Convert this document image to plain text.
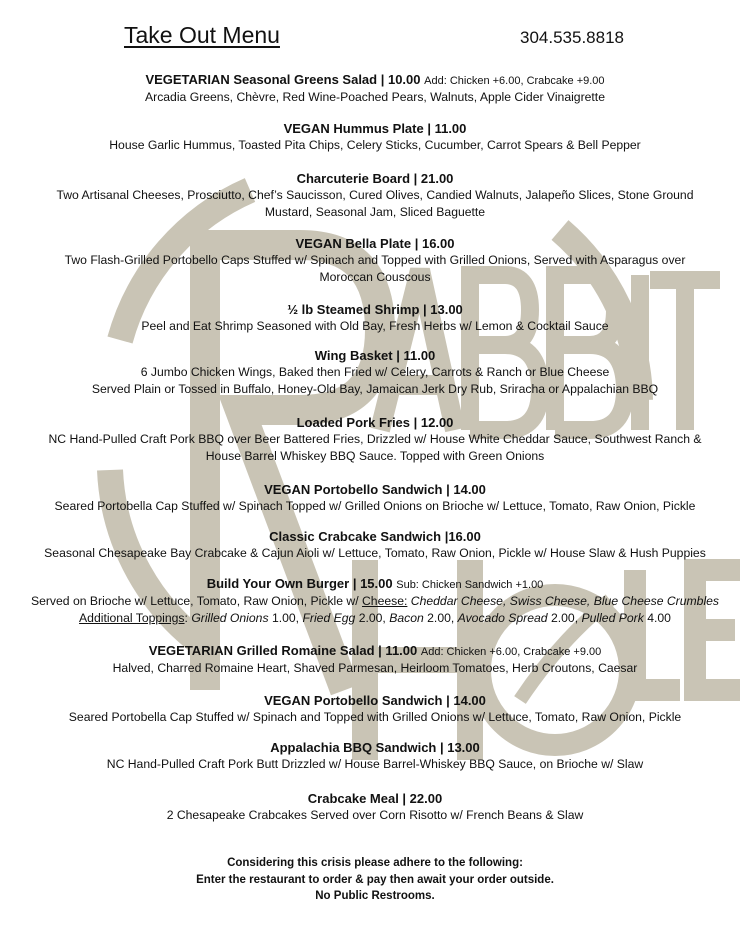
Take Out Menu	304.535.8818
VEGETARIAN Seasonal Greens Salad | 10.00 Add: Chicken +6.00, Crabcake +9.00
Arcadia Greens, Chèvre, Red Wine-Poached Pears, Walnuts, Apple Cider Vinaigrette
VEGAN Hummus Plate | 11.00
House Garlic Hummus, Toasted Pita Chips, Celery Sticks, Cucumber, Carrot Spears & Bell Pepper
Charcuterie Board | 21.00
Two Artisanal Cheeses, Prosciutto, Chef’s Saucisson, Cured Olives, Candied Walnuts, Jalapeño Slices, Stone Ground
Mustard, Seasonal Jam, Sliced Baguette
VEGAN Bella Plate | 16.00
Two Flash-Grilled Portobello Caps Stuffed w/ Spinach and Topped with Grilled Onions, Served with Asparagus over
Moroccan Couscous
½ lb Steamed Shrimp | 13.00
Peel and Eat Shrimp Seasoned with Old Bay, Fresh Herbs w/ Lemon & Cocktail Sauce
Wing Basket | 11.00
6 Jumbo Chicken Wings, Baked then Fried w/ Celery, Carrots & Ranch or Blue Cheese
Served Plain or Tossed in Buffalo, Honey-Old Bay, Jamaican Jerk Dry Rub, Sriracha or Appalachian BBQ
Loaded Pork Fries | 12.00
NC Hand-Pulled Craft Pork BBQ over Beer Battered Fries, Drizzled w/ House White Cheddar Sauce, Southwest Ranch &
House Barrel Whiskey BBQ Sauce. Topped with Green Onions
VEGAN Portobello Sandwich | 14.00
Seared Portobella Cap Stuffed w/ Spinach Topped w/ Grilled Onions on Brioche w/ Lettuce, Tomato, Raw Onion, Pickle
Classic Crabcake Sandwich |16.00
Seasonal Chesapeake Bay Crabcake & Cajun Aioli w/ Lettuce, Tomato, Raw Onion, Pickle w/ House Slaw & Hush Puppies
Build Your Own Burger | 15.00 Sub: Chicken Sandwich +1.00
Served on Brioche w/ Lettuce, Tomato, Raw Onion, Pickle w/ Cheese: Cheddar Cheese, Swiss Cheese, Blue Cheese Crumbles
Additional Toppings: Grilled Onions 1.00, Fried Egg 2.00, Bacon 2.00, Avocado Spread 2.00, Pulled Pork 4.00
VEGETARIAN Grilled Romaine Salad | 11.00 Add: Chicken +6.00, Crabcake +9.00
Halved, Charred Romaine Heart, Shaved Parmesan, Heirloom Tomatoes, Herb Croutons, Caesar
VEGAN Portobello Sandwich | 14.00
Seared Portobella Cap Stuffed w/ Spinach and Topped with Grilled Onions w/ Lettuce, Tomato, Raw Onion, Pickle
Appalachia BBQ Sandwich | 13.00
NC Hand-Pulled Craft Pork Butt Drizzled w/ House Barrel-Whiskey BBQ Sauce, on Brioche w/ Slaw
Crabcake Meal | 22.00
2 Chesapeake Crabcakes Served over Corn Risotto w/ French Beans & Slaw
Considering this crisis please adhere to the following:
Enter the restaurant to order & pay then await your order outside.
No Public Restrooms.
